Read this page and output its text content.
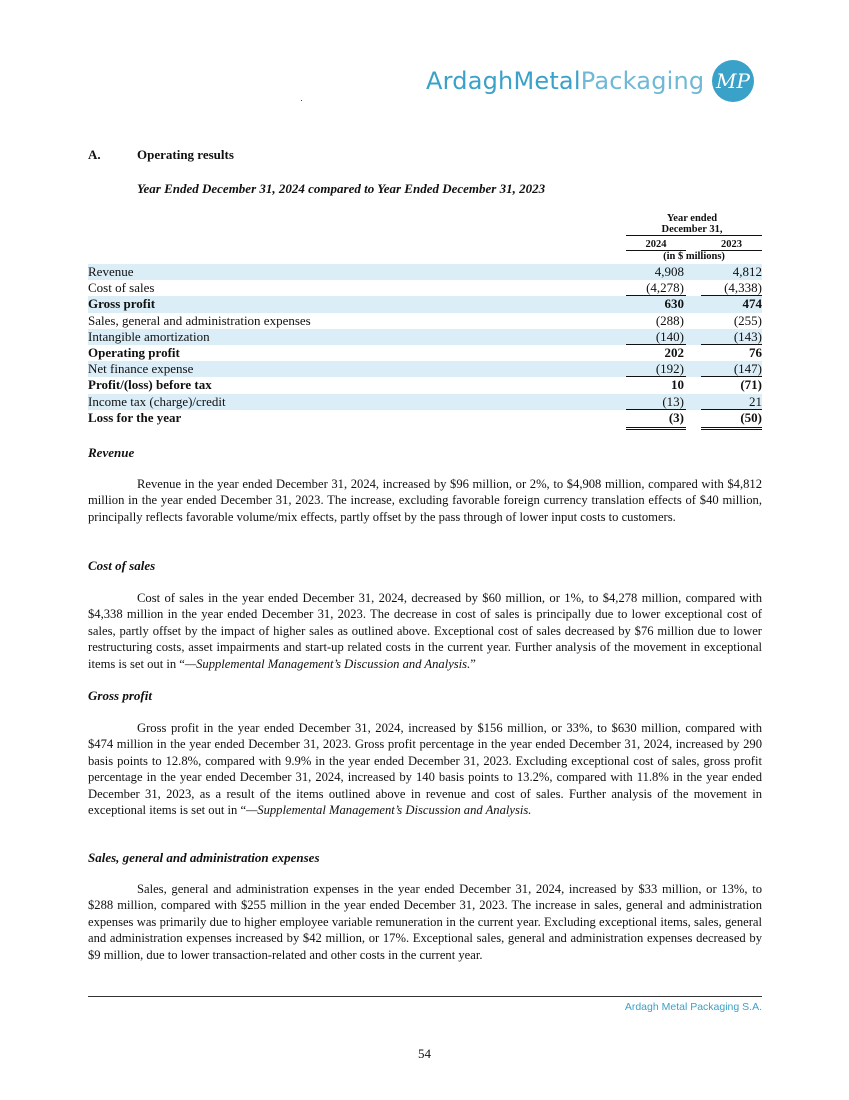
ArdaghMetalPackaging MP
A.	Operating results
Year Ended December 31, 2024 compared to Year Ended December 31, 2023
Year ended
December 31,
2024	2023
(in $ millions)
Revenue	4,908	4,812
Cost of sales	(4,278)	(4,338)
Gross profit	630	474
Sales, general and administration expenses	(288)	(255)
Intangible amortization	(140)	(143)
Operating profit	202	76
Net finance expense	(192)	(147)
Profit/(loss) before tax	10	(71)
Income tax (charge)/credit	(13)	21
Loss for the year	(3)	(50)
Revenue

Revenue in the year ended December 31, 2024, increased by $96 million, or 2%, to $4,908 million, compared with $4,812 million in the year ended December 31, 2023. The increase, excluding favorable foreign currency translation effects of $40 million, principally reflects favorable volume/mix effects, partly offset by the pass through of lower input costs to customers.

Cost of sales

Cost of sales in the year ended December 31, 2024, decreased by $60 million, or 1%, to $4,278 million, compared with $4,338 million in the year ended December 31, 2023. The decrease in cost of sales is principally due to lower exceptional cost of sales, partly offset by the impact of higher sales as outlined above. Exceptional cost of sales decreased by $76 million due to lower restructuring costs, asset impairments and start-up related costs in the current year. Further analysis of the movement in exceptional items is set out in “—Supplemental Management’s Discussion and Analysis.”

Gross profit

Gross profit in the year ended December 31, 2024, increased by $156 million, or 33%, to $630 million, compared with $474 million in the year ended December 31, 2023. Gross profit percentage in the year ended December 31, 2024, increased by 290 basis points to 12.8%, compared with 9.9% in the year ended December 31, 2023. Excluding exceptional cost of sales, gross profit percentage in the year ended December 31, 2024, increased by 140 basis points to 13.2%, compared with 11.8% in the year ended December 31, 2023, as a result of the items outlined above in revenue and cost of sales. Further analysis of the movement in exceptional items is set out in “—Supplemental Management’s Discussion and Analysis.

Sales, general and administration expenses

Sales, general and administration expenses in the year ended December 31, 2024, increased by $33 million, or 13%, to $288 million, compared with $255 million in the year ended December 31, 2023. The increase in sales, general and administration expenses was primarily due to higher employee variable remuneration in the current year. Excluding exceptional items, sales, general and administration expenses increased by $42 million, or 17%. Exceptional sales, general and administration expenses decreased by $9 million, due to lower transaction-related and other costs in the current year.

Ardagh Metal Packaging S.A.
54
